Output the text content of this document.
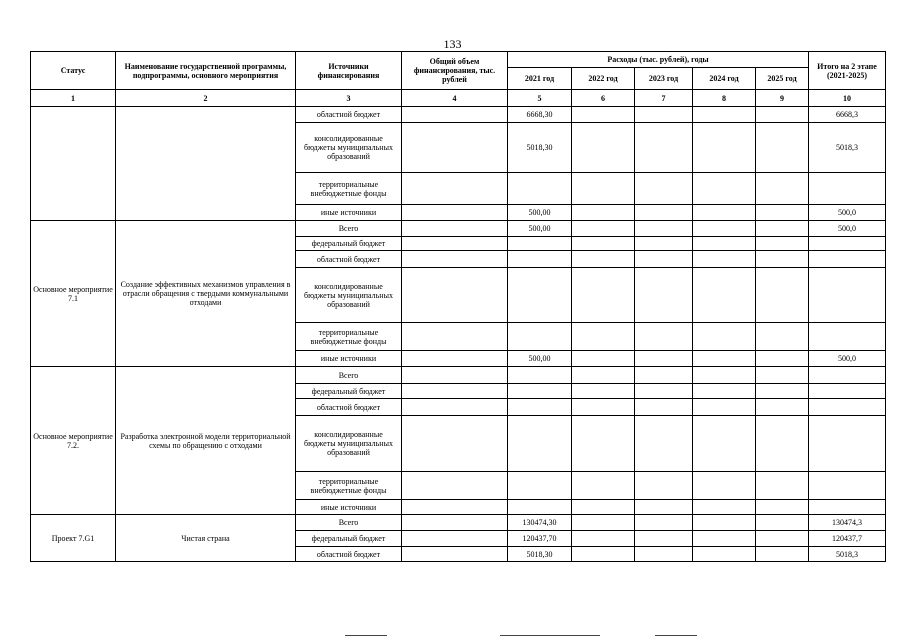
133
Статус	Наименование государственной программы, подпрограммы, основного мероприятия	Источники финансирования	Общий объем финансирования, тыс. рублей	Расходы (тыс. рублей), годы					Итого на 2 этапе (2021-2025)
				2021 год	2022 год	2023 год	2024 год	2025 год	
1	2	3	4	5	6	7	8	9	10
		областной бюджет		6668,30					6668,3
		консолидированные бюджеты муниципальных образований		5018,30					5018,3
		территориальные внебюджетные фонды							
		иные источники		500,00					500,0
Основное мероприятие 7.1	Создание эффективных механизмов управления в отрасли обращения с твердыми коммунальными отходами	Всего		500,00					500,0
		федеральный бюджет							
		областной бюджет							
		консолидированные бюджеты муниципальных образований							
		территориальные внебюджетные фонды							
		иные источники		500,00					500,0
Основное мероприятие 7.2.	Разработка электронной модели территориальной схемы по обращению с отходами	Всего							
		федеральный бюджет							
		областной бюджет							
		консолидированные бюджеты муниципальных образований							
		территориальные внебюджетные фонды							
		иные источники							
Проект 7.G1	Чистая страна	Всего		130474,30					130474,3
		федеральный бюджет		120437,70					120437,7
		областной бюджет		5018,30					5018,3
